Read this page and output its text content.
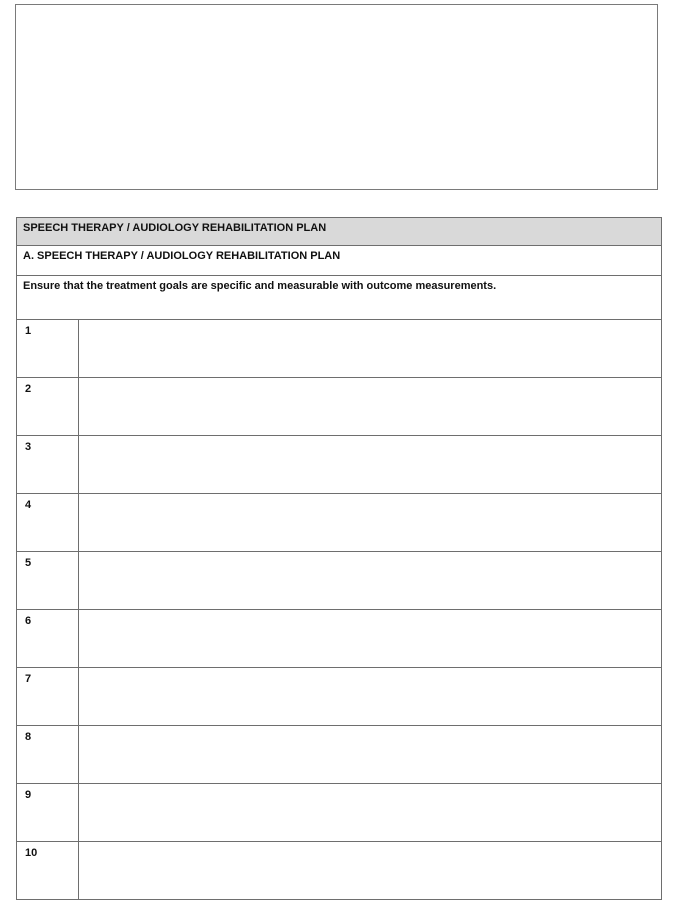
SPEECH THERAPY / AUDIOLOGY REHABILITATION PLAN	
A. SPEECH THERAPY / AUDIOLOGY REHABILITATION PLAN	
Ensure that the treatment goals are specific and measurable with outcome measurements.	
1	
2	
3	
4	
5	
6	
7	
8	
9	
10	
